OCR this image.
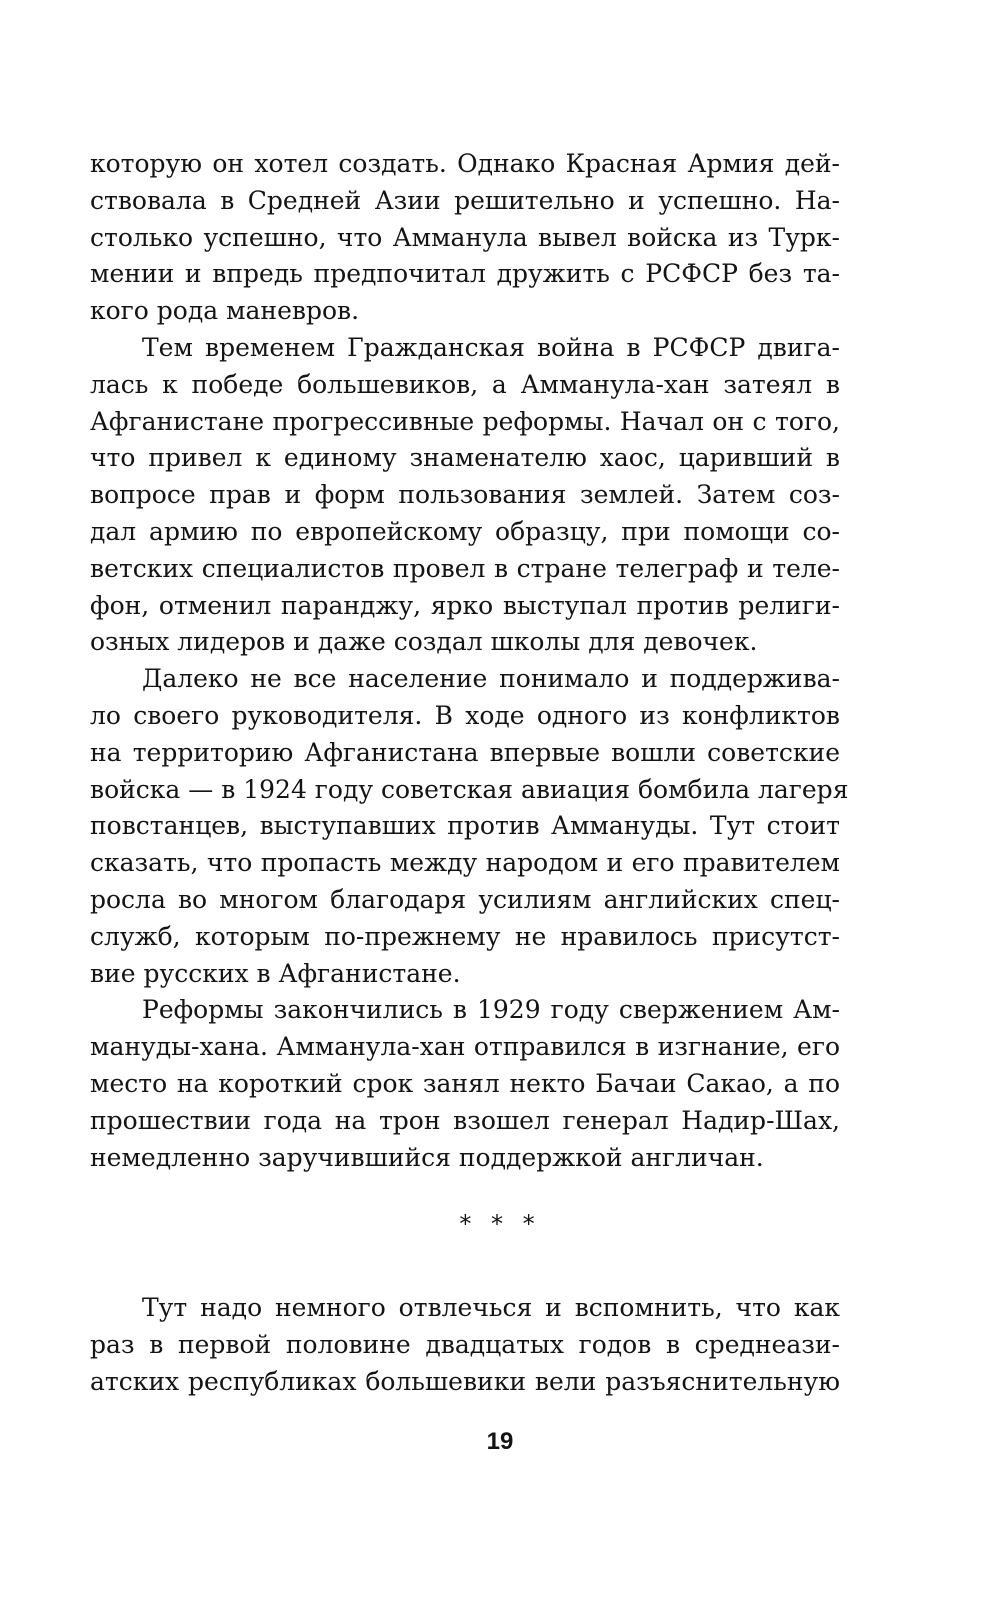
которую он хотел создать. Однако Красная Армия дей-
ствовала в Средней Азии решительно и успешно. На-
столько успешно, что Амманула вывел войска из Турк-
мении и впредь предпочитал дружить с РСФСР без та-
кого рода маневров.
Тем временем Гражданская война в РСФСР двига-
лась к победе большевиков, а Амманула-хан затеял в
Афганистане прогрессивные реформы. Начал он с того,
что привел к единому знаменателю хаос, царивший в
вопросе прав и форм пользования землей. Затем соз-
дал армию по европейскому образцу, при помощи со-
ветских специалистов провел в стране телеграф и теле-
фон, отменил паранджу, ярко выступал против религи-
озных лидеров и даже создал школы для девочек.
Далеко не все население понимало и поддержива-
ло своего руководителя. В ходе одного из конфликтов
на территорию Афганистана впервые вошли советские
войска — в 1924 году советская авиация бомбила лагеря
повстанцев, выступавших против Аммануды. Тут стоит
сказать, что пропасть между народом и его правителем
росла во многом благодаря усилиям английских спец-
служб, которым по-прежнему не нравилось присутст-
вие русских в Афганистане.
Реформы закончились в 1929 году свержением Ам-
мануды-хана. Амманула-хан отправился в изгнание, его
место на короткий срок занял некто Бачаи Сакао, а по
прошествии года на трон взошел генерал Надир-Шах,
немедленно заручившийся поддержкой англичан.
* * *
Тут надо немного отвлечься и вспомнить, что как
раз в первой половине двадцатых годов в среднеази-
атских республиках большевики вели разъяснительную
19
